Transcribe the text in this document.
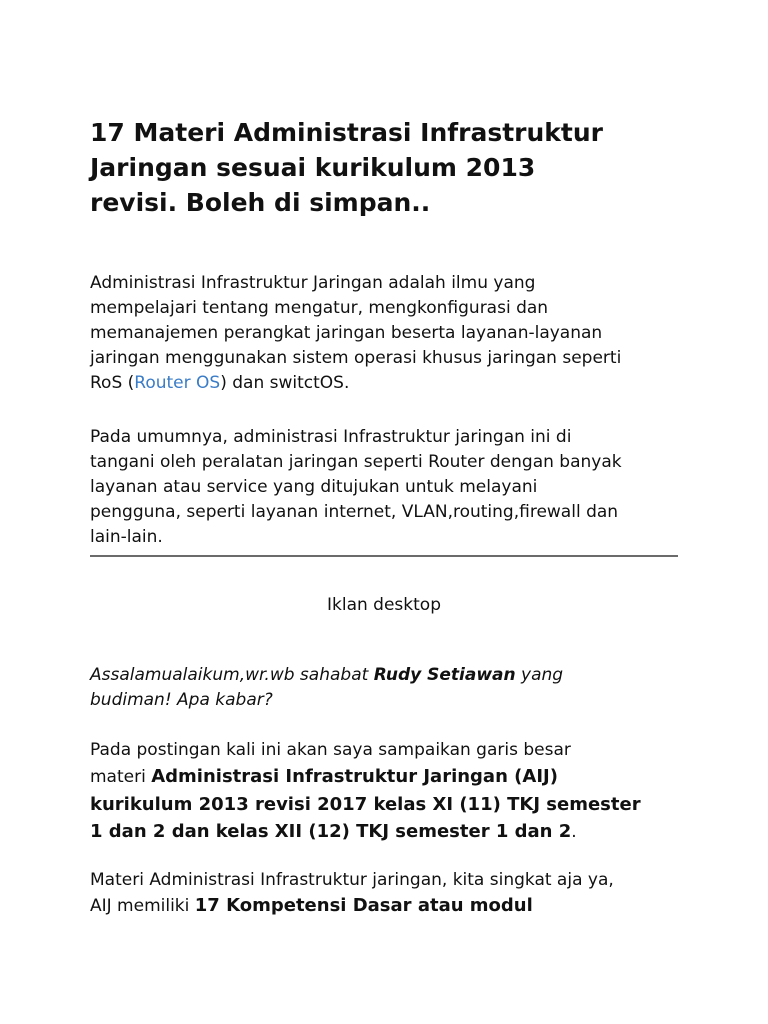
17 Materi Administrasi Infrastruktur
Jaringan sesuai kurikulum 2013
revisi. Boleh di simpan..
Administrasi Infrastruktur Jaringan adalah ilmu yang
mempelajari tentang mengatur, mengkonfigurasi dan
memanajemen perangkat jaringan beserta layanan-layanan
jaringan menggunakan sistem operasi khusus jaringan seperti
RoS (Router OS) dan switctOS.
Pada umumnya, administrasi Infrastruktur jaringan ini di
tangani oleh peralatan jaringan seperti Router dengan banyak
layanan atau service yang ditujukan untuk melayani
pengguna, seperti layanan internet, VLAN,routing,firewall dan
lain-lain.
Iklan desktop
Assalamualaikum,wr.wb sahabat Rudy Setiawan yang
budiman! Apa kabar?
Pada postingan kali ini akan saya sampaikan garis besar
materi Administrasi Infrastruktur Jaringan (AIJ)
kurikulum 2013 revisi 2017 kelas XI (11) TKJ semester
1 dan 2 dan kelas XII (12) TKJ semester 1 dan 2.
Materi Administrasi Infrastruktur jaringan, kita singkat aja ya,
AIJ memiliki 17 Kompetensi Dasar atau modul
